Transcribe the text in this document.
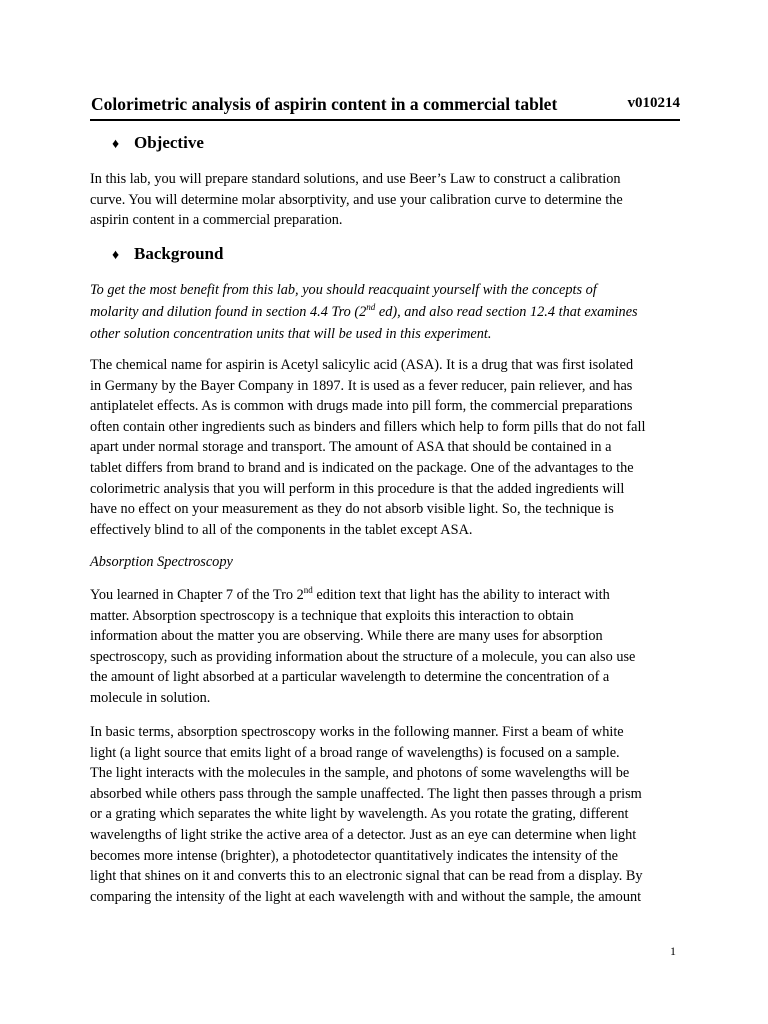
Colorimetric analysis of aspirin content in a commercial tablet	v010214
♦ Objective
In this lab, you will prepare standard solutions, and use Beer’s Law to construct a calibration
curve. You will determine molar absorptivity, and use your calibration curve to determine the
aspirin content in a commercial preparation.
♦ Background
To get the most benefit from this lab, you should reacquaint yourself with the concepts of
molarity and dilution found in section 4.4 Tro (2nd ed), and also read section 12.4 that examines
other solution concentration units that will be used in this experiment.
The chemical name for aspirin is Acetyl salicylic acid (ASA). It is a drug that was first isolated
in Germany by the Bayer Company in 1897. It is used as a fever reducer, pain reliever, and has
antiplatelet effects. As is common with drugs made into pill form, the commercial preparations
often contain other ingredients such as binders and fillers which help to form pills that do not fall
apart under normal storage and transport. The amount of ASA that should be contained in a
tablet differs from brand to brand and is indicated on the package. One of the advantages to the
colorimetric analysis that you will perform in this procedure is that the added ingredients will
have no effect on your measurement as they do not absorb visible light. So, the technique is
effectively blind to all of the components in the tablet except ASA.
Absorption Spectroscopy
You learned in Chapter 7 of the Tro 2nd edition text that light has the ability to interact with
matter. Absorption spectroscopy is a technique that exploits this interaction to obtain
information about the matter you are observing. While there are many uses for absorption
spectroscopy, such as providing information about the structure of a molecule, you can also use
the amount of light absorbed at a particular wavelength to determine the concentration of a
molecule in solution.
In basic terms, absorption spectroscopy works in the following manner. First a beam of white
light (a light source that emits light of a broad range of wavelengths) is focused on a sample.
The light interacts with the molecules in the sample, and photons of some wavelengths will be
absorbed while others pass through the sample unaffected. The light then passes through a prism
or a grating which separates the white light by wavelength. As you rotate the grating, different
wavelengths of light strike the active area of a detector. Just as an eye can determine when light
becomes more intense (brighter), a photodetector quantitatively indicates the intensity of the
light that shines on it and converts this to an electronic signal that can be read from a display. By
comparing the intensity of the light at each wavelength with and without the sample, the amount
1
